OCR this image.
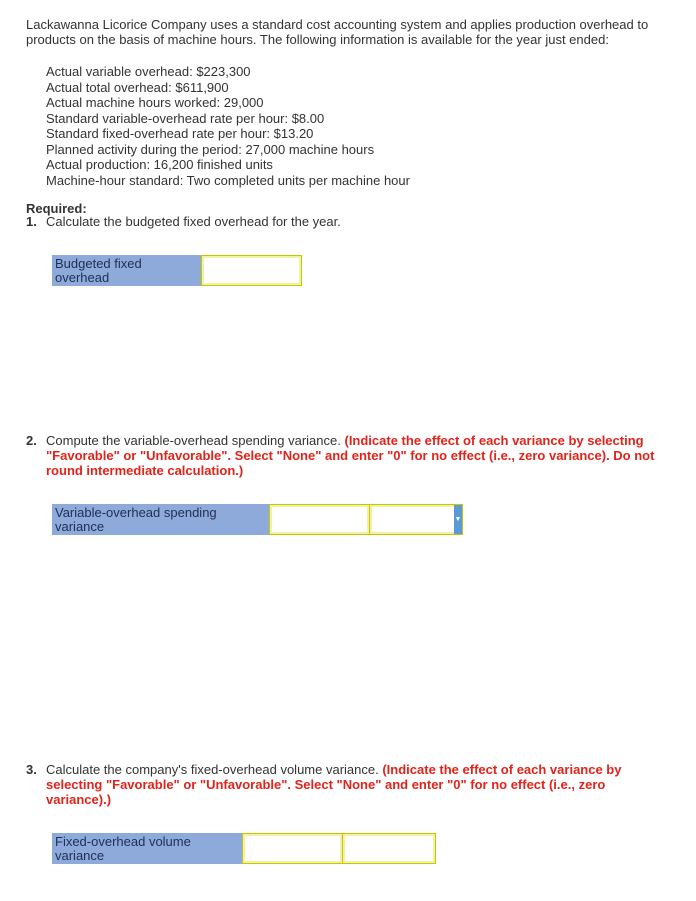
Lackawanna Licorice Company uses a standard cost accounting system and applies production overhead to products on the basis of machine hours. The following information is available for the year just ended:
Actual variable overhead: $223,300
Actual total overhead: $611,900
Actual machine hours worked: 29,000
Standard variable-overhead rate per hour: $8.00
Standard fixed-overhead rate per hour: $13.20
Planned activity during the period: 27,000 machine hours
Actual production: 16,200 finished units
Machine-hour standard: Two completed units per machine hour
Required:
1. Calculate the budgeted fixed overhead for the year.
Budgeted fixed overhead
2. Compute the variable-overhead spending variance. (Indicate the effect of each variance by selecting "Favorable" or "Unfavorable". Select "None" and enter "0" for no effect (i.e., zero variance). Do not round intermediate calculation.)
Variable-overhead spending variance	▼
3. Calculate the company's fixed-overhead volume variance. (Indicate the effect of each variance by selecting "Favorable" or "Unfavorable". Select "None" and enter "0" for no effect (i.e., zero variance).)
Fixed-overhead volume variance
